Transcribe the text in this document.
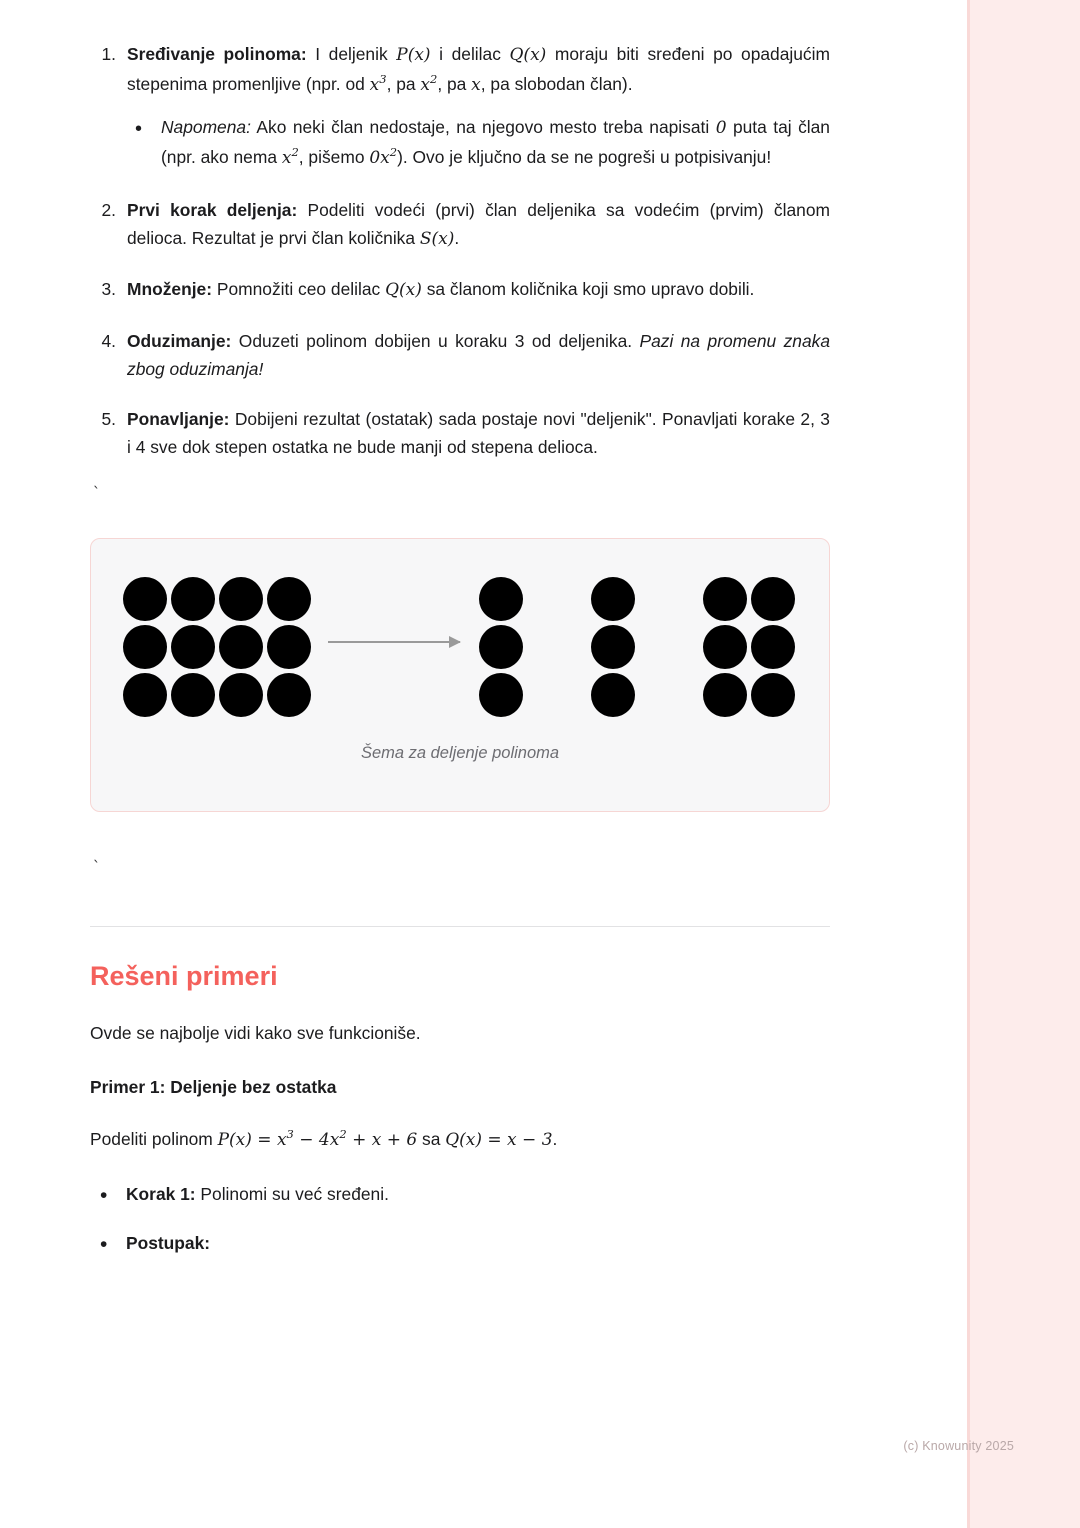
(c) Knowunity 2025
1. Sređivanje polinoma: I deljenik P(x) i delilac Q(x) moraju biti sređeni po opadajućim stepenima promenljive (npr. od $x^3$, pa $x^2$, pa x, pa slobodan član).
• Napomena: Ako neki član nedostaje, na njegovo mesto treba napisati 0 puta taj član (npr. ako nema $x^2$, pišemo $0x^2$). Ovo je ključno da se ne pogreši u potpisivanju!
2. Prvi korak deljenja: Podeliti vodeći (prvi) član deljenika sa vodećim (prvim) članom delioca. Rezultat je prvi član količnika S(x).
3. Množenje: Pomnožiti ceo delilac Q(x) sa članom količnika koji smo upravo dobili.
4. Oduzimanje: Oduzeti polinom dobijen u koraku 3 od deljenika. Pazi na promenu znaka zbog oduzimanja!
5. Ponavljanje: Dobijeni rezultat (ostatak) sada postaje novi "deljenik". Ponavljati korake 2, 3 i 4 sve dok stepen ostatka ne bude manji od stepena delioca.
`
Šema za deljenje polinoma
`
Rešeni primeri

Ovde se najbolje vidi kako sve funkcioniše.

Primer 1: Deljenje bez ostatka

Podeliti polinom $P(x) = x^3 - 4x^2 + x + 6$ sa Q(x) = x − 3.

• Korak 1: Polinomi su već sređeni.
• Postupak:
